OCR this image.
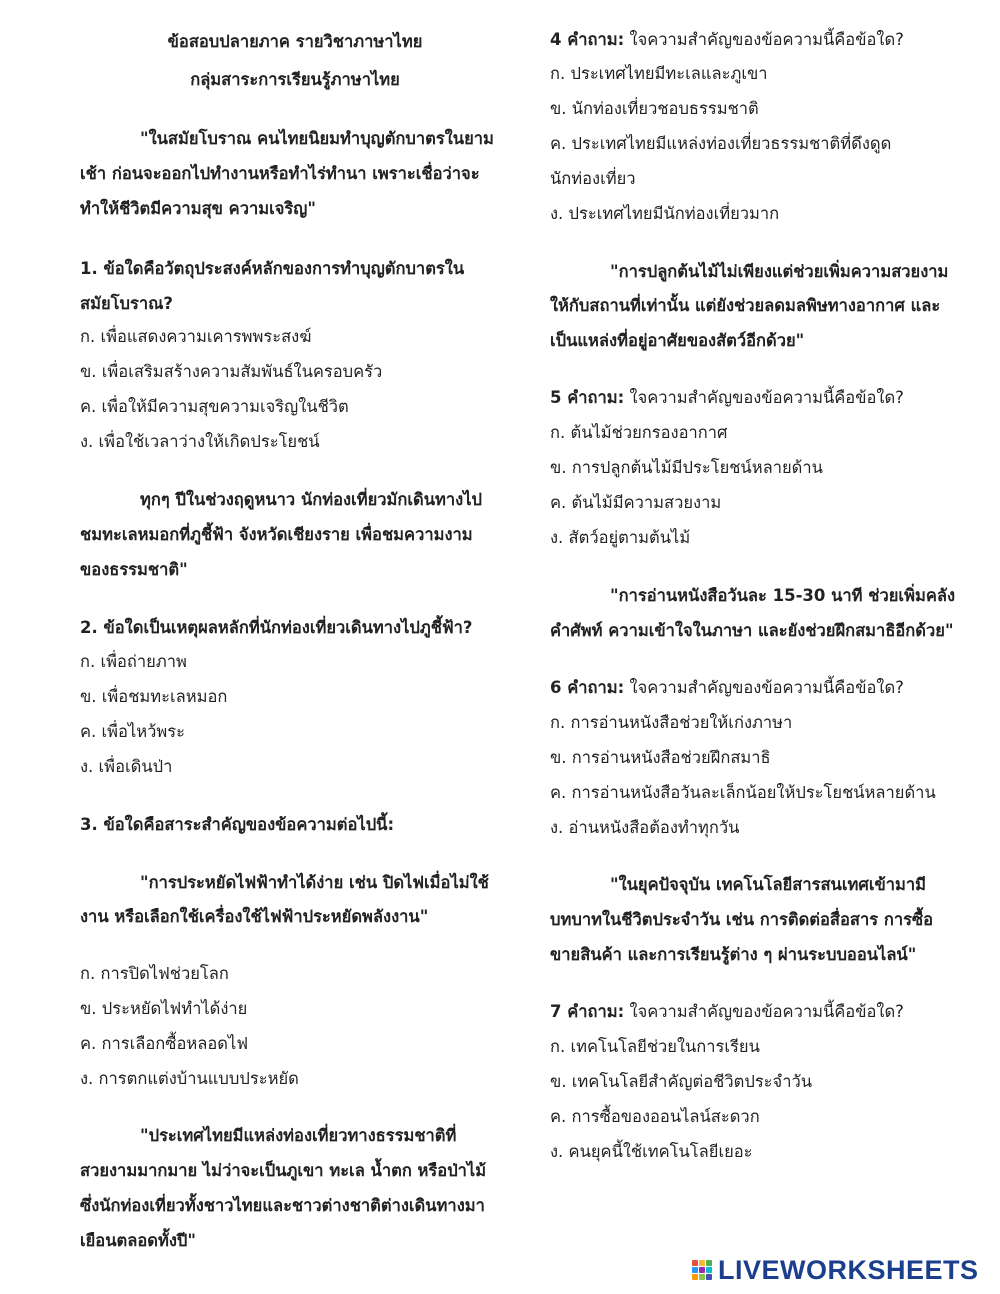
ข้อสอบปลายภาค รายวิชาภาษาไทย
กลุ่มสาระการเรียนรู้ภาษาไทย
"ในสมัยโบราณ คนไทยนิยมทำบุญตักบาตรในยาม
เช้า ก่อนจะออกไปทำงานหรือทำไร่ทำนา เพราะเชื่อว่าจะ
ทำให้ชีวิตมีความสุข ความเจริญ"
1. ข้อใดคือวัตถุประสงค์หลักของการทำบุญตักบาตรใน
สมัยโบราณ?
ก. เพื่อแสดงความเคารพพระสงฆ์
ข. เพื่อเสริมสร้างความสัมพันธ์ในครอบครัว
ค. เพื่อให้มีความสุขความเจริญในชีวิต
ง. เพื่อใช้เวลาว่างให้เกิดประโยชน์
ทุกๆ ปีในช่วงฤดูหนาว นักท่องเที่ยวมักเดินทางไป
ชมทะเลหมอกที่ภูชี้ฟ้า จังหวัดเชียงราย เพื่อชมความงาม
ของธรรมชาติ"
2. ข้อใดเป็นเหตุผลหลักที่นักท่องเที่ยวเดินทางไปภูชี้ฟ้า?
ก. เพื่อถ่ายภาพ
ข. เพื่อชมทะเลหมอก
ค. เพื่อไหว้พระ
ง. เพื่อเดินป่า
3. ข้อใดคือสาระสำคัญของข้อความต่อไปนี้:
"การประหยัดไฟฟ้าทำได้ง่าย เช่น ปิดไฟเมื่อไม่ใช้
งาน หรือเลือกใช้เครื่องใช้ไฟฟ้าประหยัดพลังงาน"
ก. การปิดไฟช่วยโลก
ข. ประหยัดไฟทำได้ง่าย
ค. การเลือกซื้อหลอดไฟ
ง. การตกแต่งบ้านแบบประหยัด
"ประเทศไทยมีแหล่งท่องเที่ยวทางธรรมชาติที่
สวยงามมากมาย ไม่ว่าจะเป็นภูเขา ทะเล น้ำตก หรือป่าไม้
ซึ่งนักท่องเที่ยวทั้งชาวไทยและชาวต่างชาติต่างเดินทางมา
เยือนตลอดทั้งปี"
4 คำถาม: ใจความสำคัญของข้อความนี้คือข้อใด?
ก. ประเทศไทยมีทะเลและภูเขา
ข. นักท่องเที่ยวชอบธรรมชาติ
ค. ประเทศไทยมีแหล่งท่องเที่ยวธรรมชาติที่ดึงดูด
นักท่องเที่ยว
ง. ประเทศไทยมีนักท่องเที่ยวมาก
"การปลูกต้นไม้ไม่เพียงแต่ช่วยเพิ่มความสวยงาม
ให้กับสถานที่เท่านั้น แต่ยังช่วยลดมลพิษทางอากาศ และ
เป็นแหล่งที่อยู่อาศัยของสัตว์อีกด้วย"
5 คำถาม: ใจความสำคัญของข้อความนี้คือข้อใด?
ก. ต้นไม้ช่วยกรองอากาศ
ข. การปลูกต้นไม้มีประโยชน์หลายด้าน
ค. ต้นไม้มีความสวยงาม
ง. สัตว์อยู่ตามต้นไม้
"การอ่านหนังสือวันละ 15-30 นาที ช่วยเพิ่มคลัง
คำศัพท์ ความเข้าใจในภาษา และยังช่วยฝึกสมาธิอีกด้วย"
6 คำถาม: ใจความสำคัญของข้อความนี้คือข้อใด?
ก. การอ่านหนังสือช่วยให้เก่งภาษา
ข. การอ่านหนังสือช่วยฝึกสมาธิ
ค. การอ่านหนังสือวันละเล็กน้อยให้ประโยชน์หลายด้าน
ง. อ่านหนังสือต้องทำทุกวัน
"ในยุคปัจจุบัน เทคโนโลยีสารสนเทศเข้ามามี
บทบาทในชีวิตประจำวัน เช่น การติดต่อสื่อสาร การซื้อ
ขายสินค้า และการเรียนรู้ต่าง ๆ ผ่านระบบออนไลน์"
7 คำถาม: ใจความสำคัญของข้อความนี้คือข้อใด?
ก. เทคโนโลยีช่วยในการเรียน
ข. เทคโนโลยีสำคัญต่อชีวิตประจำวัน
ค. การซื้อของออนไลน์สะดวก
ง. คนยุคนี้ใช้เทคโนโลยีเยอะ
LIVEWORKSHEETS
